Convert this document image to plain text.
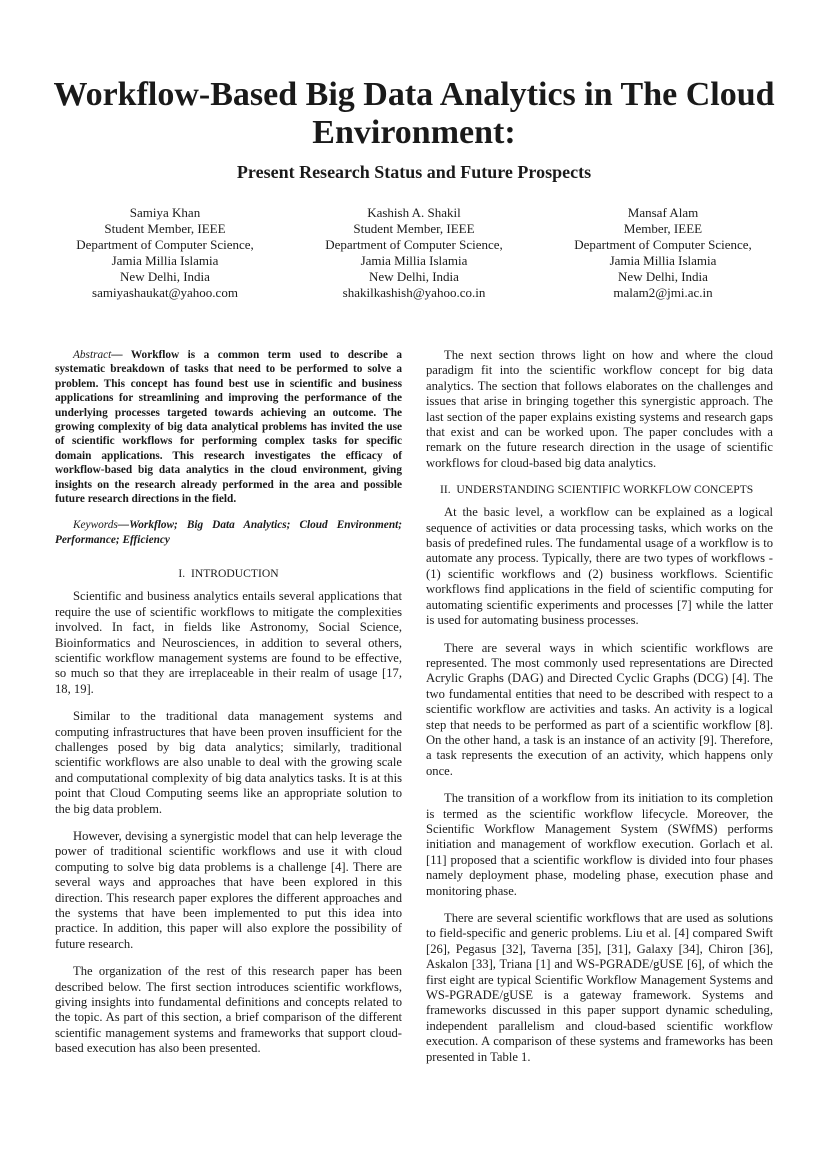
Workflow-Based Big Data Analytics in The Cloud Environment:
Present Research Status and Future Prospects
Samiya Khan
Student Member, IEEE
Department of Computer Science,
Jamia Millia Islamia
New Delhi, India
samiyashaukat@yahoo.com
Kashish A. Shakil
Student Member, IEEE
Department of Computer Science,
Jamia Millia Islamia
New Delhi, India
shakilkashish@yahoo.co.in
Mansaf Alam
Member, IEEE
Department of Computer Science,
Jamia Millia Islamia
New Delhi, India
malam2@jmi.ac.in

Abstract— Workflow is a common term used to describe a systematic breakdown of tasks that need to be performed to solve a problem. This concept has found best use in scientific and business applications for streamlining and improving the performance of the underlying processes targeted towards achieving an outcome. The growing complexity of big data analytical problems has invited the use of scientific workflows for performing complex tasks for specific domain applications. This research investigates the efficacy of workflow-based big data analytics in the cloud environment, giving insights on the research already performed in the area and possible future research directions in the field.

Keywords—Workflow; Big Data Analytics; Cloud Environment; Performance; Efficiency

I. INTRODUCTION

Scientific and business analytics entails several applications that require the use of scientific workflows to mitigate the complexities involved. In fact, in fields like Astronomy, Social Science, Bioinformatics and Neurosciences, in addition to several others, scientific workflow management systems are found to be effective, so much so that they are irreplaceable in their realm of usage [17, 18, 19].

Similar to the traditional data management systems and computing infrastructures that have been proven insufficient for the challenges posed by big data analytics; similarly, traditional scientific workflows are also unable to deal with the growing scale and computational complexity of big data analytics tasks. It is at this point that Cloud Computing seems like an appropriate solution to the big data problem.

However, devising a synergistic model that can help leverage the power of traditional scientific workflows and use it with cloud computing to solve big data problems is a challenge [4]. There are several ways and approaches that have been explored in this direction. This research paper explores the different approaches and the systems that have been implemented to put this idea into practice. In addition, this paper will also explore the possibility of future research.

The organization of the rest of this research paper has been described below. The first section introduces scientific workflows, giving insights into fundamental definitions and concepts related to the topic. As part of this section, a brief comparison of the different scientific management systems and frameworks that support cloud-based execution has also been presented.

The next section throws light on how and where the cloud paradigm fit into the scientific workflow concept for big data analytics. The section that follows elaborates on the challenges and issues that arise in bringing together this synergistic approach. The last section of the paper explains existing systems and research gaps that exist and can be worked upon. The paper concludes with a remark on the future research direction in the usage of scientific workflows for cloud-based big data analytics.

II. UNDERSTANDING SCIENTIFIC WORKFLOW CONCEPTS

At the basic level, a workflow can be explained as a logical sequence of activities or data processing tasks, which works on the basis of predefined rules. The fundamental usage of a workflow is to automate any process. Typically, there are two types of workflows - (1) scientific workflows and (2) business workflows. Scientific workflows find applications in the field of scientific computing for automating scientific experiments and processes [7] while the latter is used for automating business processes.

There are several ways in which scientific workflows are represented. The most commonly used representations are Directed Acrylic Graphs (DAG) and Directed Cyclic Graphs (DCG) [4]. The two fundamental entities that need to be described with respect to a scientific workflow are activities and tasks. An activity is a logical step that needs to be performed as part of a scientific workflow [8]. On the other hand, a task is an instance of an activity [9]. Therefore, a task represents the execution of an activity, which happens only once.

The transition of a workflow from its initiation to its completion is termed as the scientific workflow lifecycle. Moreover, the Scientific Workflow Management System (SWfMS) performs initiation and management of workflow execution. Gorlach et al. [11] proposed that a scientific workflow is divided into four phases namely deployment phase, modeling phase, execution phase and monitoring phase.

There are several scientific workflows that are used as solutions to field-specific and generic problems. Liu et al. [4] compared Swift [26], Pegasus [32], Taverna [35], [31], Galaxy [34], Chiron [36], Askalon [33], Triana [1] and WS-PGRADE/gUSE [6], of which the first eight are typical Scientific Workflow Management Systems and WS-PGRADE/gUSE is a gateway framework. Systems and frameworks discussed in this paper support dynamic scheduling, independent parallelism and cloud-based scientific workflow execution. A comparison of these systems and frameworks has been presented in Table 1.
